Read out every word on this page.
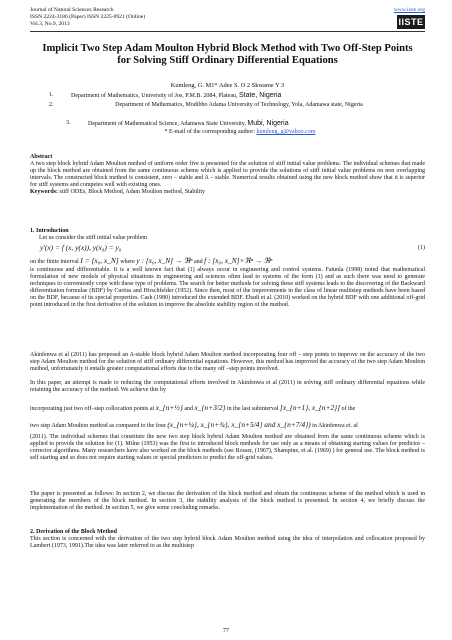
Journal of Natural Sciences Research
ISSN 2224-3186 (Paper) ISSN 2225-0921 (Online)
Vol.3, No.9, 2013
www.iiste.org
IISTE
Implicit Two Step Adam Moulton Hybrid Block Method with Two Off-Step Points for Solving Stiff Ordinary Differential Equations
Kumleng, G. M1* Adee S. O 2 Skwame Y 3
1.	Department of Mathematics, University of Jos, P.M.B. 2084, Plateau, State, Nigeria
2.	Department of Mathematics, Modibbo Adama University of Technology, Yola, Adamawa state, Nigeria
3.	Department of Mathematical Science, Adamawa State University, Mubi, Nigeria
* E-mail of the corresponding author: kumleng_g@yahoo.com
Abstract
A two step block hybrid Adam Moulton method of uniform order five is presented for the solution of stiff initial value problems. The individual schemes that made up the block method are obtained from the same continuous scheme which is applied to provide the solutions of stiff initial value problems on non overlapping intervals. The constructed block method is consistent, zero – stable and A – stable. Numerical results obtained using the new block method show that it is superior for stiff systems and competes well with existing ones.
Keywords: stiff ODEs, Block Method, Adam Moulton method, Stability
1. Introduction
Let us consider the stiff initial value problem
y′(x) = f (x, y(x)), y(x₀) = y₀	(1)
on the finite interval I = [x₀, x_N] where y : [x₀, x_N] → ℜⁿ and f : [x₀, x_N]×ℜⁿ → ℜⁿ
is continuous and differentiable. It is a well known fact that (1) always occur in engineering and control systems. Fatunla (1998) noted that mathematical formulation of new models of physical situations in engineering and sciences often lead to systems of the form (1) and as such there was need to generate techniques to conveniently cope with these type of problems. The search for better methods for solving these stiff systems leads to the discovering of the Backward differentiation formulae (BDF) by Curtiss and Hirschfelder (1952). Since then, most of the improvements in the class of linear multistep methods have been based on the BDF, because of its special properties. Cash (1980) introduced the extended BDF. Ebadi et al. (2010) worked on the hybrid BDF with one additional off-grid point introduced in the first derivative of the solution to improve the absolute stability region of the method.
Akinfenwa et al (2011) has proposed an A-stable block hybrid Adam Moulton method incorporating four off – step points to improve on the accuracy of the two step Adam Moulton method for the solution of stiff ordinary differential equations. However, this method has improved the accuracy of the two step Adam Moulton method, unfortunately it entails greater computational efforts due to the many off –step points involved.
In this paper, an attempt is made to reducing the computational efforts involved in Akinfenwa et al (2011) in solving stiff ordinary differential equations while retaining the accuracy of the method. We achieve this by
incorporating just two off–step collocation points at x_{n+½} and x_{n+3/2} in the last subinterval [x_{n+1}, x_{n+2}] of the
two step Adam Moulton method as compared to the four (x_{n+¼}, x_{n+¾}, x_{n+5/4} and x_{n+7/4}) in Akinfenwa et. al
(2011). The individual schemes that constitute the new two step block hybrid Adam Moulton method are obtained from the same continuous scheme which is applied to provide the solution for (1). Milne (1953) was the first to introduced block methods for use only as a means of obtaining starting values for predictor – corrector algorithms. Many researchers have also worked on the block methods (see Rosser, (1967), Shampine, et al. (1969) ) for general use. The block method is self starting and so does not require starting values or special predictors to predict the off-grid values.
The paper is presented as follows: In section 2, we discuss the derivation of the block method and obtain the continuous scheme of the method which is used in generating the members of the block method. In section 3, the stability analysis of the block method is presented. In section 4, we briefly discuss the implementation of the method. In section 5, we give some concluding remarks.
2. Derivation of the Block Method
This section is concerned with the derivation of the two step hybrid block Adam Moulton method using the idea of interpolation and collocation proposed by Lambert (1973, 1991).The idea was later referred to as the multistep
77
